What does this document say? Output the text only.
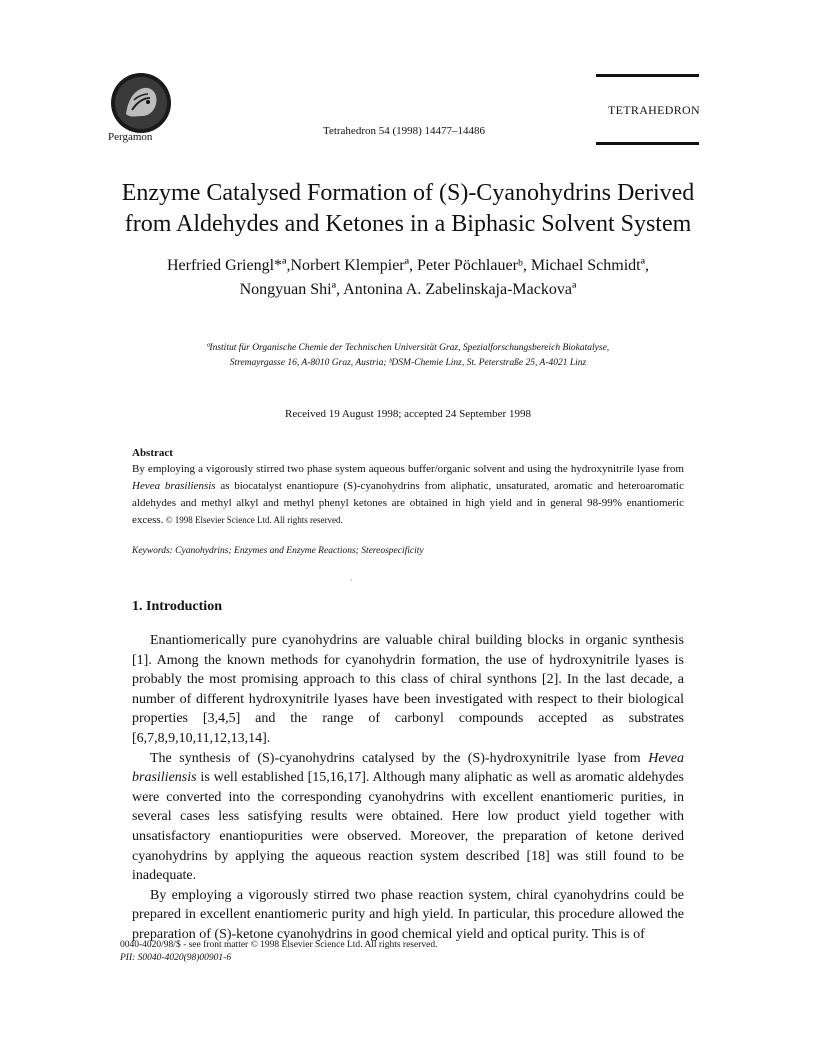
Pergamon	Tetrahedron 54 (1998) 14477–14486
TETRAHEDRON
Enzyme Catalysed Formation of (S)-Cyanohydrins Derived
from Aldehydes and Ketones in a Biphasic Solvent System
Herfried Griengl*ª,Norbert Klempierª, Peter Pöchlauerᵇ, Michael Schmidtª,
Nongyuan Shiª, Antonina A. Zabelinskaja-Mackovaª
ªInstitut für Organische Chemie der Technischen Universität Graz, Spezialforschungsbereich Biokatalyse,
Stremayrgasse 16, A-8010 Graz, Austria; ᵇDSM-Chemie Linz, St. Peterstraße 25, A-4021 Linz
Received 19 August 1998; accepted 24 September 1998
Abstract
By employing a vigorously stirred two phase system aqueous buffer/organic solvent and using the hydroxynitrile lyase from Hevea brasiliensis as biocatalyst enantiopure (S)-cyanohydrins from aliphatic, unsaturated, aromatic and heteroaromatic aldehydes and methyl alkyl and methyl phenyl ketones are obtained in high yield and in general 98-99% enantiomeric excess. © 1998 Elsevier Science Ltd. All rights reserved.
Keywords: Cyanohydrins; Enzymes and Enzyme Reactions; Stereospecificity
·
1. Introduction

Enantiomerically pure cyanohydrins are valuable chiral building blocks in organic synthesis [1]. Among the known methods for cyanohydrin formation, the use of hydroxynitrile lyases is probably the most promising approach to this class of chiral synthons [2]. In the last decade, a number of different hydroxynitrile lyases have been investigated with respect to their biological properties [3,4,5] and the range of carbonyl compounds accepted as substrates [6,7,8,9,10,11,12,13,14].

The synthesis of (S)-cyanohydrins catalysed by the (S)-hydroxynitrile lyase from Hevea brasiliensis is well established [15,16,17]. Although many aliphatic as well as aromatic aldehydes were converted into the corresponding cyanohydrins with excellent enantiomeric purities, in several cases less satisfying results were obtained. Here low product yield together with unsatisfactory enantiopurities were observed. Moreover, the preparation of ketone derived cyanohydrins by applying the aqueous reaction system described [18] was still found to be inadequate.

By employing a vigorously stirred two phase reaction system, chiral cyanohydrins could be prepared in excellent enantiomeric purity and high yield. In particular, this procedure allowed the preparation of (S)-ketone cyanohydrins in good chemical yield and optical purity. This is of

0040-4020/98/$ - see front matter © 1998 Elsevier Science Ltd. All rights reserved.
PII: S0040-4020(98)00901-6
